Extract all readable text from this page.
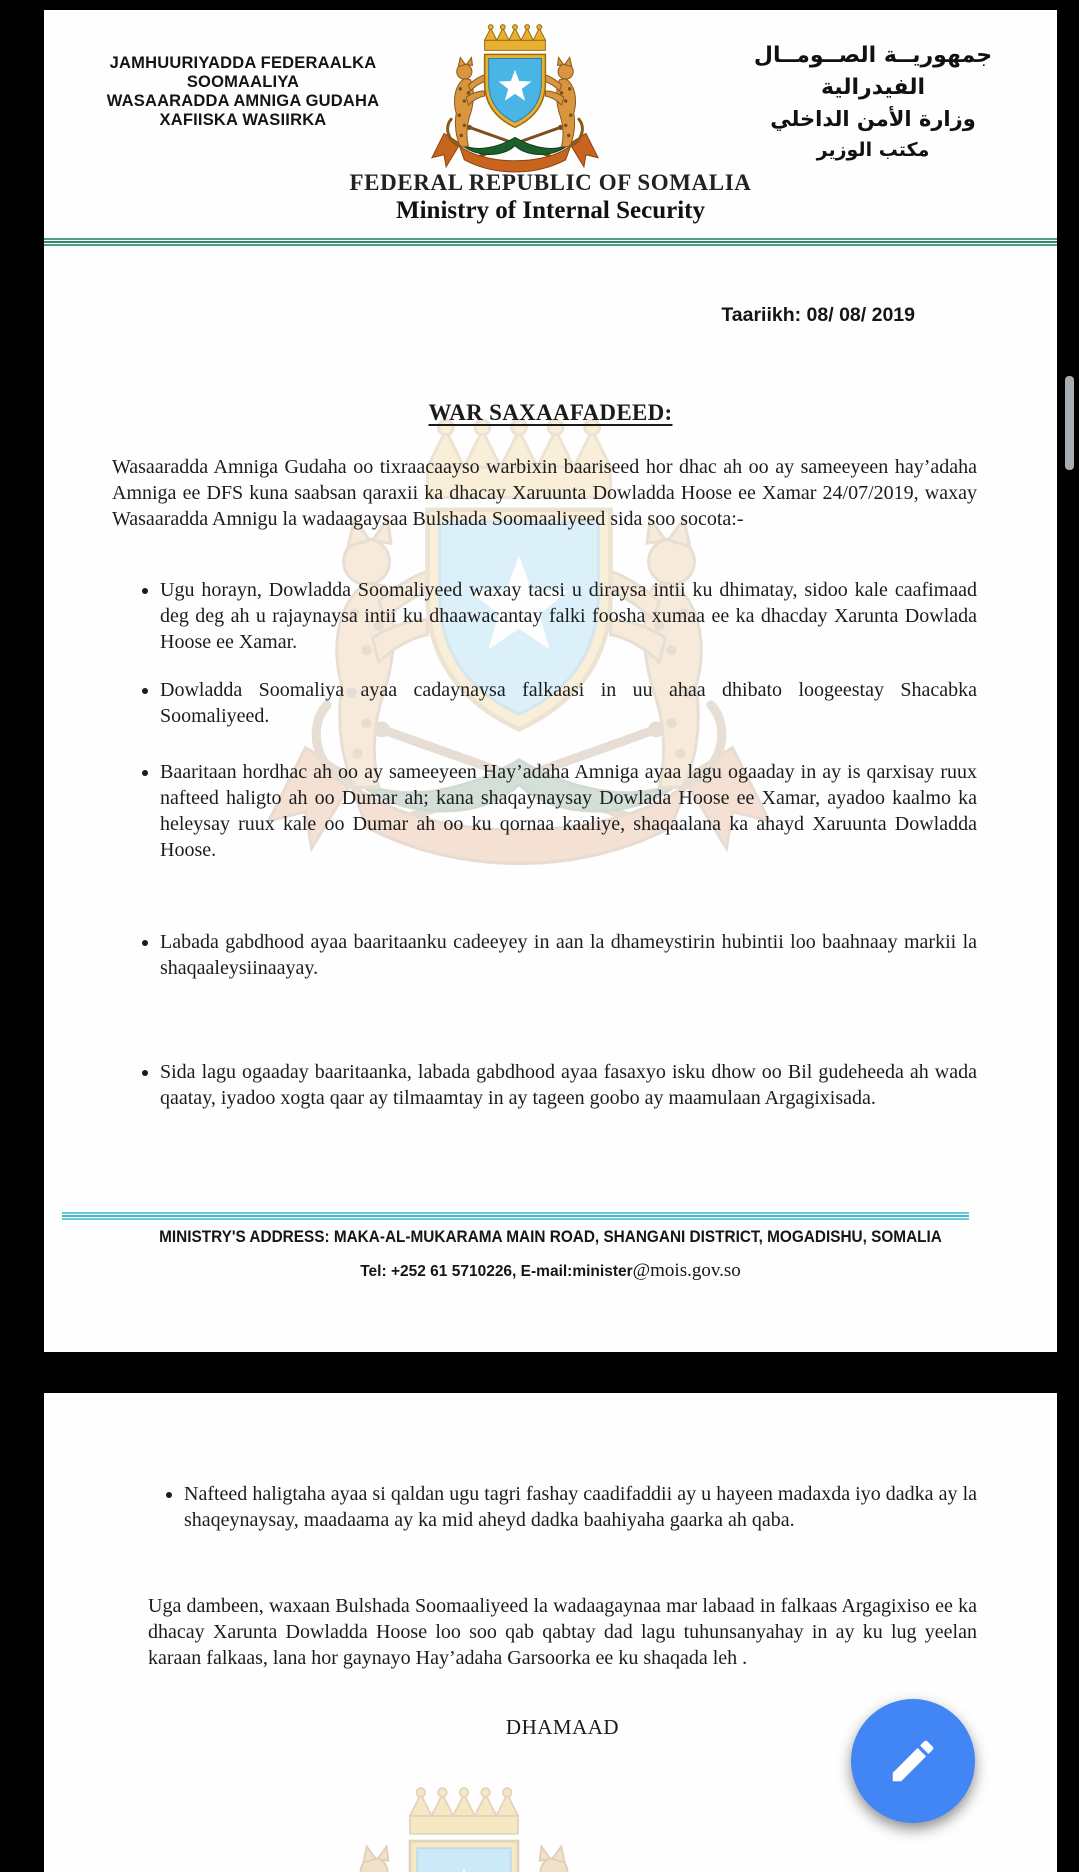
JAMHUURIYADDA FEDERAALKA SOOMAALIYA
WASAARADDA AMNIGA GUDAHA
XAFIISKA WASIIRKA
جمهوريــة الصــومــال الفيدرالية
وزارة الأمن الداخلي
مكتب الوزير
FEDERAL REPUBLIC OF SOMALIA
Ministry of Internal Security
Taariikh: 08/ 08/ 2019
WAR SAXAAFADEED:

Wasaaradda Amniga Gudaha oo tixraacaayso warbixin baariseed hor dhac ah oo ay sameeyeen hay’adaha Amniga ee DFS kuna saabsan qaraxii ka dhacay Xaruunta Dowladda Hoose ee Xamar 24/07/2019, waxay Wasaaradda Amnigu la wadaagaysaa Bulshada Soomaaliyeed sida soo socota:-

• Ugu horayn, Dowladda Soomaliyeed waxay tacsi u diraysa intii ku dhimatay, sidoo kale caafimaad deg deg ah u rajaynaysa intii ku dhaawacantay falki foosha xumaa ee ka dhacday Xarunta Dowlada Hoose ee Xamar.
• Dowladda Soomaliya ayaa cadaynaysa falkaasi in uu ahaa dhibato loogeestay Shacabka Soomaliyeed.
• Baaritaan hordhac ah oo ay sameeyeen Hay’adaha Amniga ayaa lagu ogaaday in ay is qarxisay ruux nafteed haligto ah oo Dumar ah; kana shaqaynaysay Dowlada Hoose ee Xamar, ayadoo kaalmo ka heleysay ruux kale oo Dumar ah oo ku qornaa kaaliye, shaqaalana ka ahayd Xaruunta Dowladda Hoose.
• Labada gabdhood ayaa baaritaanku cadeeyey in aan la dhameystirin hubintii loo baahnaay markii la shaqaaleysiinaayay.
• Sida lagu ogaaday baaritaanka, labada gabdhood ayaa fasaxyo isku dhow oo Bil gudeheeda ah wada qaatay, iyadoo xogta qaar ay tilmaamtay in ay tageen goobo ay maamulaan Argagixisada.
MINISTRY'S ADDRESS: MAKA-AL-MUKARAMA MAIN ROAD, SHANGANI DISTRICT, MOGADISHU, SOMALIA
Tel: +252 61 5710226, E-mail:minister@mois.gov.so
• Nafteed haligtaha ayaa si qaldan ugu tagri fashay caadifaddii ay u hayeen madaxda iyo dadka ay la shaqeynaysay, maadaama ay ka mid aheyd dadka baahiyaha gaarka ah qaba.

Uga dambeen, waxaan Bulshada Soomaaliyeed la wadaagaynaa mar labaad in falkaas Argagixiso ee ka dhacay Xarunta Dowladda Hoose loo soo qab qabtay dad lagu tuhunsanyahay in ay ku lug yeelan karaan falkaas, lana hor gaynayo Hay’adaha Garsoorka ee ku shaqada leh .

DHAMAAD
